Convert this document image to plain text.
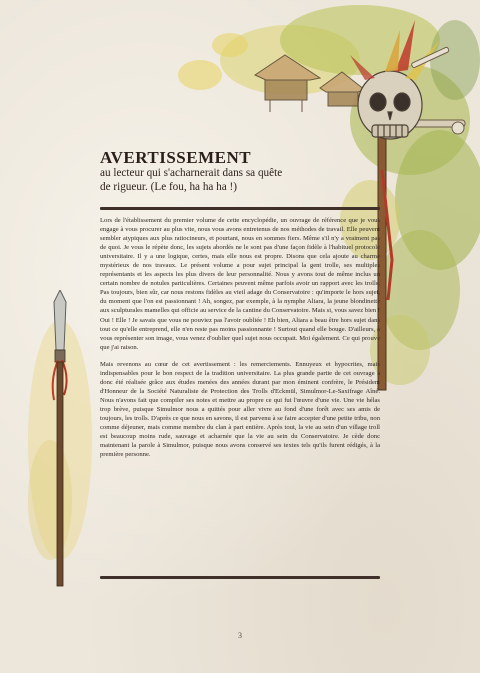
AVERTISSEMENT

au lecteur qui s'acharnerait dans sa quête

de rigueur. (Le fou, ha ha ha !)

Lors de l'établissement du premier volume de cette encyclopédie, un ouvrage de référence que je vous engage à vous procurer au plus vite, nous vous avons entretenus de nos méthodes de travail. Elle peuvent sembler atypiques aux plus ratiocineurs, et pourtant, nous en sommes fiers. Même s'il n'y a vraiment pas de quoi. Je vous le répète donc, les sujets abordés ne le sont pas d'une façon fidèle à l'habituel protocole universitaire. Il y a une logique, certes, mais elle nous est propre. Disons que cela ajoute au charme mystérieux de nos travaux. Le présent volume a pour sujet principal la gent trolle, ses multiples représentants et les aspects les plus divers de leur personnalité. Nous y avons tout de même inclus un certain nombre de notules particulières. Certaines peuvent même parfois avoir un rapport avec les trolls. Pas toujours, bien sûr, car nous restons fidèles au vieil adage du Conservatoire : qu'importe le hors sujet, du moment que l'on est passionnant ! Ah, songez, par exemple, à la nymphe Aliara, la jeune blondinette aux sculpturales mamelles qui officie au service de la cantine du Conservatoire. Mais si, vous savez bien ! Oui ! Elle ! Je savais que vous ne pouviez pas l'avoir oubliée ! Eh bien, Aliara a beau être hors sujet dans tout ce qu'elle entreprend, elle n'en reste pas moins passionnante ! Surtout quand elle bouge. D'ailleurs, à vous représenter son image, vous venez d'oublier quel sujet nous occupait. Moi également. Ce qui prouve que j'ai raison.

Mais revenons au cœur de cet avertissement : les remerciements. Ennuyeux et hypocrites, mais indispensables pour le bon respect de la tradition universitaire. La plus grande partie de cet ouvrage a donc été réalisée grâce aux études menées des années durant par mon éminent confrère, le Président d'Honneur de la Société Naturaliste de Protection des Trolls d'Eckmül, Simulmor-Le-Saxifrage Aîné. Nous n'avons fait que compiler ses notes et mettre au propre ce qui fut l'œuvre d'une vie. Une vie hélas trop brève, puisque Simulmor nous a quittés pour aller vivre au fond d'une forêt avec ses amis de toujours, les trolls. D'après ce que nous en savons, il est parvenu à se faire accepter d'une petite tribu, non comme déjeuner, mais comme membre du clan à part entière. Après tout, la vie au sein d'un village troll est beaucoup moins rude, sauvage et acharnée que la vie au sein du Conservatoire. Je cède donc maintenant la parole à Simulmor, puisque nous avons conservé ses textes tels qu'ils furent rédigés, à la première personne.

3
